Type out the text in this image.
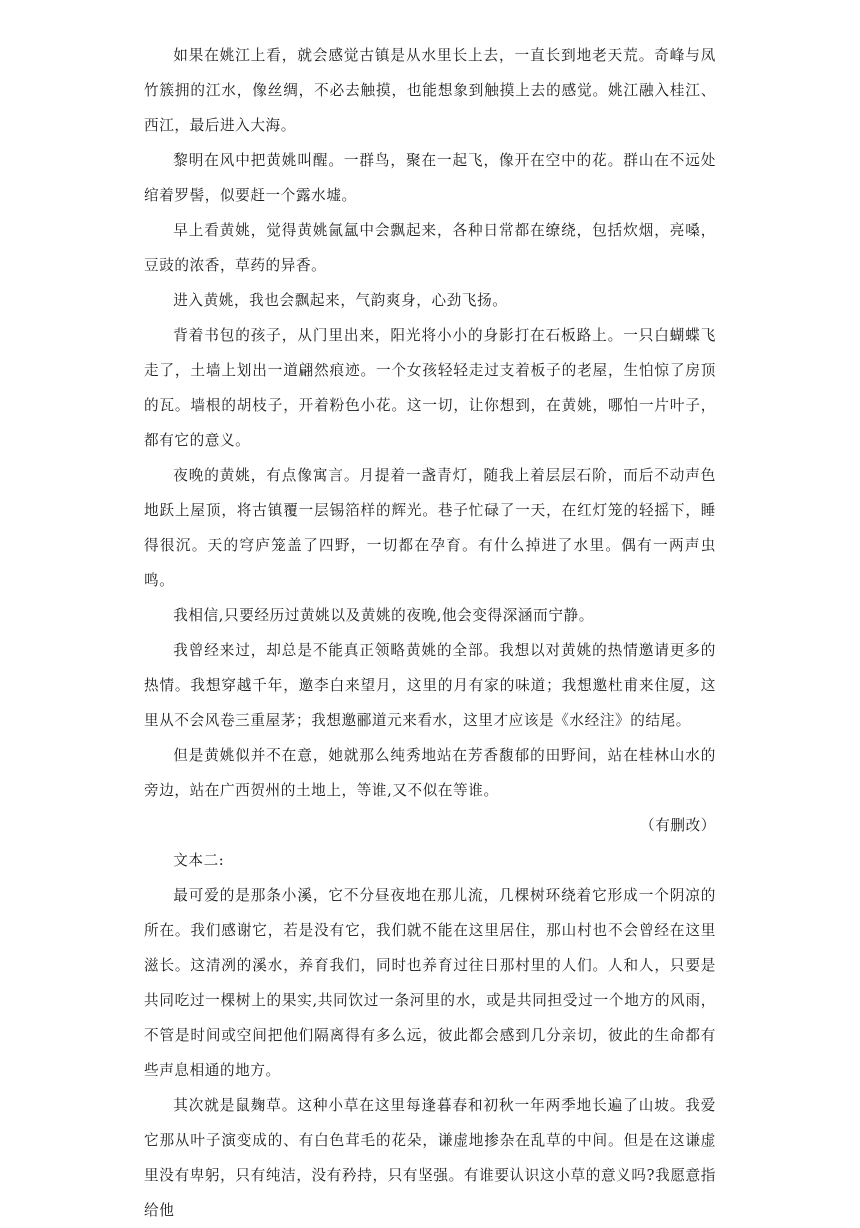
如果在姚江上看，就会感觉古镇是从水里长上去，一直长到地老天荒。奇峰与凤竹簇拥的江水，像丝绸，不必去触摸，也能想象到触摸上去的感觉。姚江融入桂江、西江，最后进入大海。

黎明在风中把黄姚叫醒。一群鸟，聚在一起飞，像开在空中的花。群山在不远处绾着罗髻，似要赶一个露水墟。

早上看黄姚，觉得黄姚氤氲中会飘起来，各种日常都在缭绕，包括炊烟，亮嗓，豆豉的浓香，草药的异香。

进入黄姚，我也会飘起来，气韵爽身，心劲飞扬。

背着书包的孩子，从门里出来，阳光将小小的身影打在石板路上。一只白蝴蝶飞走了，土墙上划出一道翩然痕迹。一个女孩轻轻走过支着板子的老屋，生怕惊了房顶的瓦。墙根的胡枝子，开着粉色小花。这一切，让你想到，在黄姚，哪怕一片叶子，都有它的意义。

夜晚的黄姚，有点像寓言。月提着一盏青灯，随我上着层层石阶，而后不动声色地跃上屋顶，将古镇覆一层锡箔样的辉光。巷子忙碌了一天，在红灯笼的轻摇下，睡得很沉。天的穹庐笼盖了四野，一切都在孕育。有什么掉进了水里。偶有一两声虫鸣。

我相信,只要经历过黄姚以及黄姚的夜晚,他会变得深涵而宁静。

我曾经来过，却总是不能真正领略黄姚的全部。我想以对黄姚的热情邀请更多的热情。我想穿越千年，邀李白来望月，这里的月有家的味道；我想邀杜甫来住厦，这里从不会风卷三重屋茅；我想邀郦道元来看水，这里才应该是《水经注》的结尾。

但是黄姚似并不在意，她就那么纯秀地站在芳香馥郁的田野间，站在桂林山水的旁边，站在广西贺州的土地上，等谁,又不似在等谁。

（有删改）

文本二:

最可爱的是那条小溪，它不分昼夜地在那儿流，几棵树环绕着它形成一个阴凉的所在。我们感谢它，若是没有它，我们就不能在这里居住，那山村也不会曾经在这里滋长。这清冽的溪水，养育我们，同时也养育过往日那村里的人们。人和人，只要是共同吃过一棵树上的果实,共同饮过一条河里的水，或是共同担受过一个地方的风雨，不管是时间或空间把他们隔离得有多么远，彼此都会感到几分亲切，彼此的生命都有些声息相通的地方。

其次就是鼠麹草。这种小草在这里每逢暮春和初秋一年两季地长遍了山坡。我爱它那从叶子演变成的、有白色茸毛的花朵，谦虚地掺杂在乱草的中间。但是在这谦虚里没有卑躬，只有纯洁，没有矜持，只有坚强。有谁要认识这小草的意义吗?我愿意指给他
